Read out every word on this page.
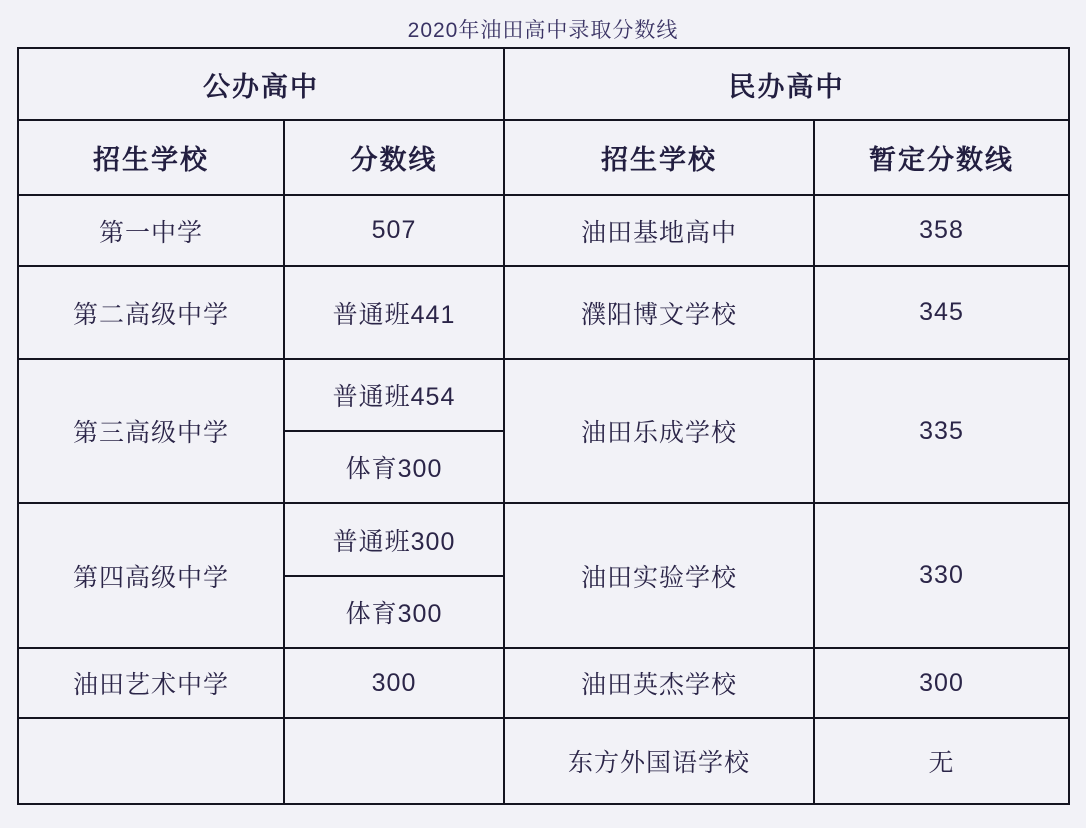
2020年油田高中录取分数线
公办高中		民办高中	
招生学校	分数线	招生学校	暂定分数线
第一中学	507	油田基地高中	358
第二高级中学	普通班441	濮阳博文学校	345
第三高级中学	普通班454	油田乐成学校	335
	体育300		
第四高级中学	普通班300	油田实验学校	330
	体育300		
油田艺术中学	300	油田英杰学校	300
		东方外国语学校	无
